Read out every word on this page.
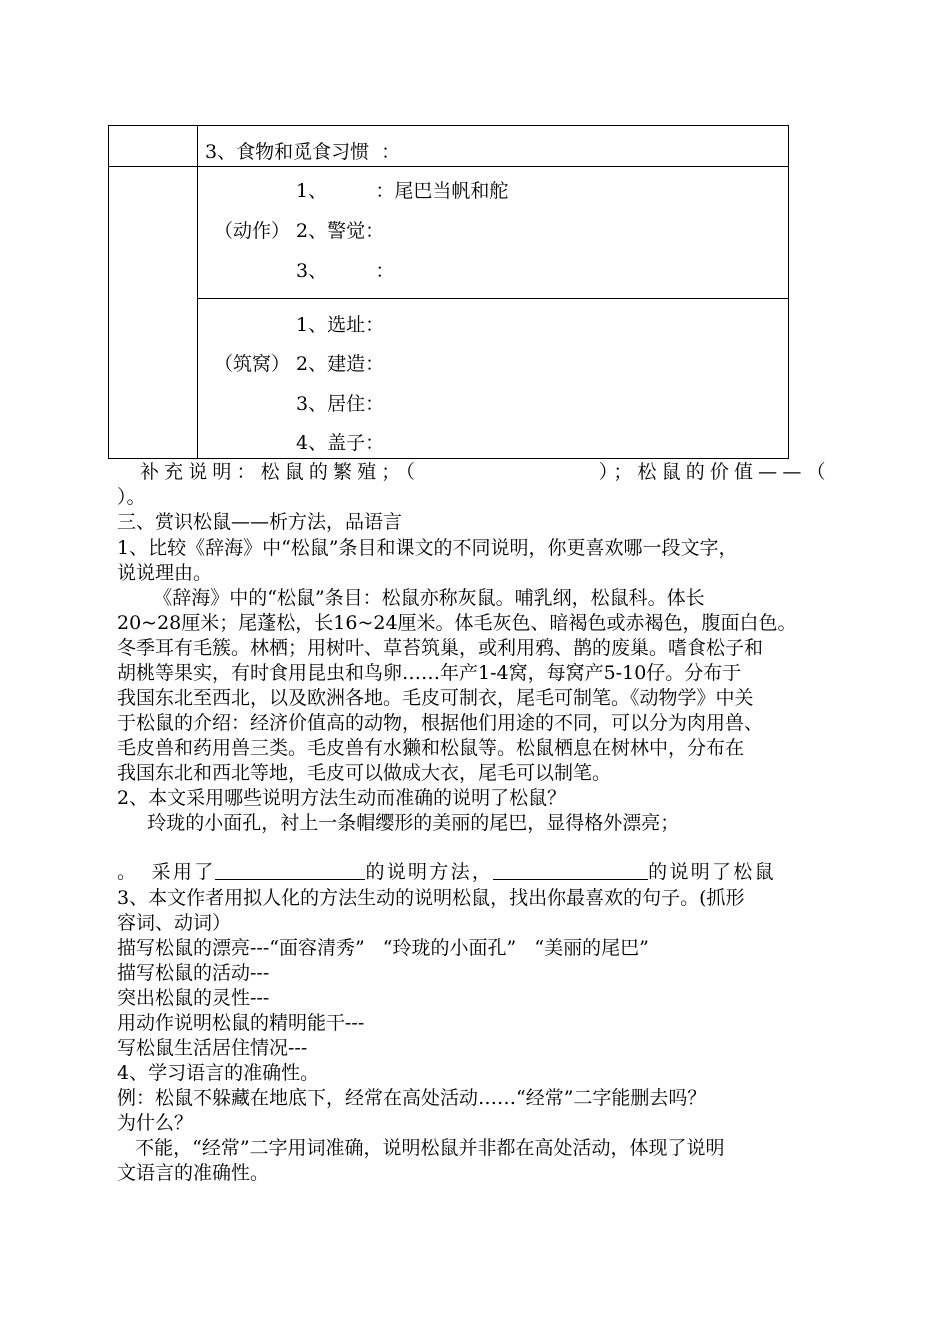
3、食物和觅食习惯  ：
1、        ：尾巴当帆和舵
（动作） 2、警觉：
3、        ：
1、选址：
（筑窝） 2、建造：
3、居住：
4、盖子：
补充说明：松鼠的繁殖；（                ）；松鼠的价值——（
）。
三、赏识松鼠——析方法，品语言
1、比较《辞海》中“松鼠”条目和课文的不同说明，你更喜欢哪一段文字，
说说理由。
《辞海》中的“松鼠”条目：松鼠亦称灰鼠。哺乳纲，松鼠科。体长
20~28厘米；尾蓬松，长16~24厘米。体毛灰色、暗褐色或赤褐色，腹面白色。
冬季耳有毛簇。林栖；用树叶、草苔筑巢，或利用鸦、鹊的废巢。嗜食松子和
胡桃等果实，有时食用昆虫和鸟卵……年产1-4窝，每窝产5-10仔。分布于
我国东北至西北，以及欧洲各地。毛皮可制衣，尾毛可制笔。《动物学》中关
于松鼠的介绍：经济价值高的动物，根据他们用途的不同，可以分为肉用兽、
毛皮兽和药用兽三类。毛皮兽有水獭和松鼠等。松鼠栖息在树林中，分布在
我国东北和西北等地，毛皮可以做成大衣，尾毛可以制笔。
2、本文采用哪些说明方法生动而准确的说明了松鼠？
玲珑的小面孔，衬上一条帽缨形的美丽的尾巴，显得格外漂亮；

采用了	的说明方法，	的说明了松鼠

。
3、本文作者用拟人化的方法生动的说明松鼠，找出你最喜欢的句子。(抓形
容词、动词）
描写松鼠的漂亮---“面容清秀”   “玲珑的小面孔”   “美丽的尾巴”
描写松鼠的活动---
突出松鼠的灵性---
用动作说明松鼠的精明能干---
写松鼠生活居住情况---
4、学习语言的准确性。
例：松鼠不躲藏在地底下，经常在高处活动……“经常”二字能删去吗？
为什么？
不能，“经常”二字用词准确，说明松鼠并非都在高处活动，体现了说明
文语言的准确性。
